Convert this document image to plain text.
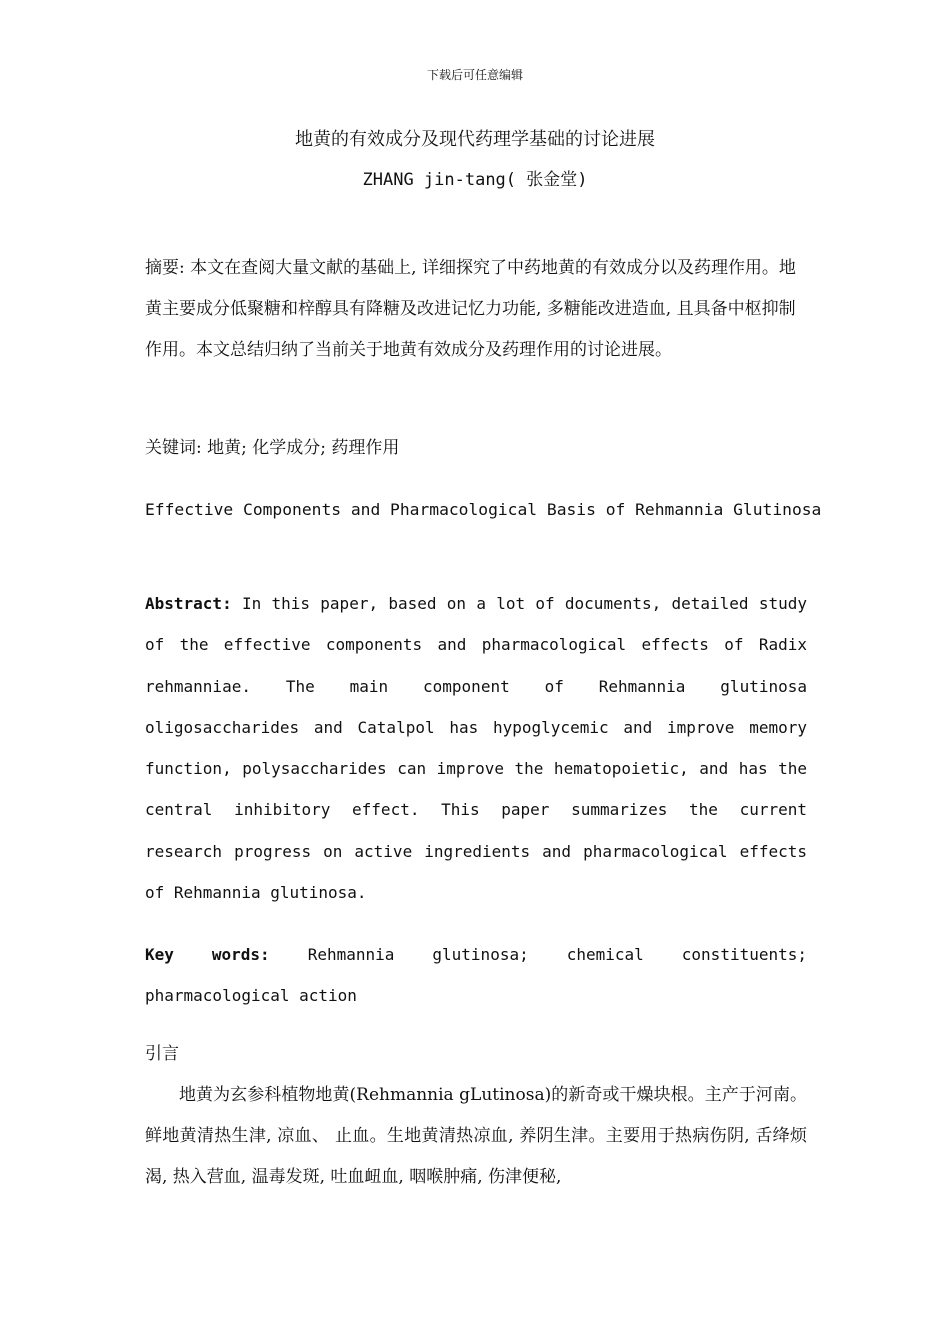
下载后可任意编辑
地黄的有效成分及现代药理学基础的讨论进展
ZHANG jin-tang( 张金堂)
摘要: 本文在查阅大量文献的基础上, 详细探究了中药地黄的有效成分以及药理作用。地黄主要成分低聚糖和梓醇具有降糖及改进记忆力功能, 多糖能改进造血, 且具备中枢抑制作用。本文总结归纳了当前关于地黄有效成分及药理作用的讨论进展。
关键词: 地黄; 化学成分; 药理作用
Effective Components and Pharmacological Basis of Rehmannia Glutinosa
Abstract: In this paper, based on a lot of documents, detailed study of the effective components and pharmacological effects of Radix rehmanniae. The main component of Rehmannia glutinosa oligosaccharides and Catalpol has hypoglycemic and improve memory function, polysaccharides can improve the hematopoietic, and has the central inhibitory effect. This paper summarizes the current research progress on active ingredients and pharmacological effects of Rehmannia glutinosa.
Key words: Rehmannia glutinosa; chemical constituents; pharmacological action
引言
地黄为玄参科植物地黄(Rehmannia gLutinosa)的新奇或干燥块根。主产于河南。鲜地黄清热生津, 凉血、 止血。生地黄清热凉血, 养阴生津。主要用于热病伤阴, 舌绛烦渴, 热入营血, 温毒发斑, 吐血衄血, 咽喉肿痛, 伤津便秘,
